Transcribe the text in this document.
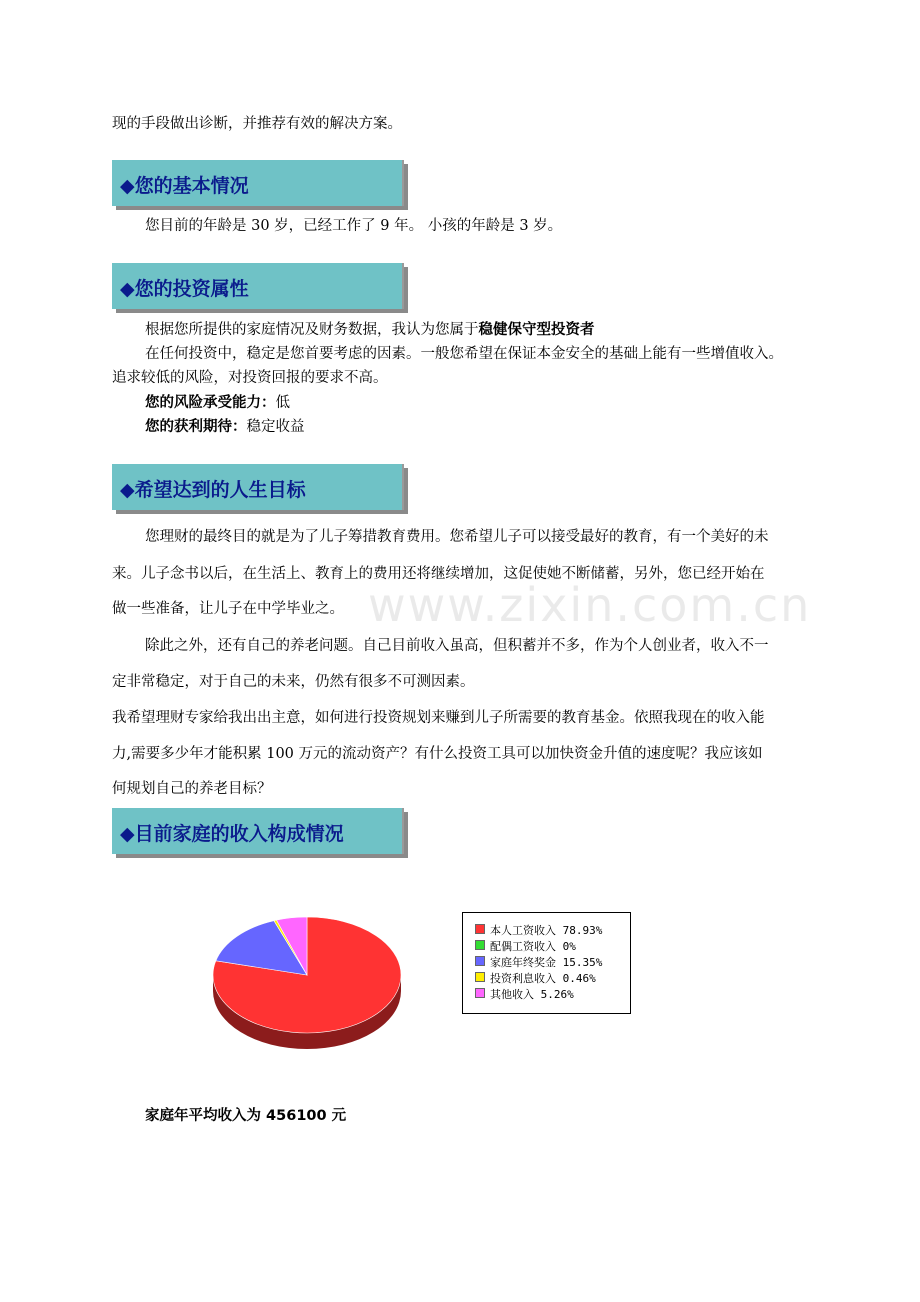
现的手段做出诊断，并推荐有效的解决方案。
◆您的基本情况
您目前的年龄是 30 岁，已经工作了 9 年。 小孩的年龄是 3 岁。
◆您的投资属性
根据您所提供的家庭情况及财务数据，我认为您属于稳健保守型投资者
在任何投资中，稳定是您首要考虑的因素。一般您希望在保证本金安全的基础上能有一些增值收入。
追求较低的风险，对投资回报的要求不高。
您的风险承受能力：低
您的获利期待：稳定收益
◆希望达到的人生目标
您理财的最终目的就是为了儿子筹措教育费用。您希望儿子可以接受最好的教育，有一个美好的未
来。儿子念书以后，在生活上、教育上的费用还将继续增加，这促使她不断储蓄，另外，您已经开始在
做一些准备，让儿子在中学毕业之。
除此之外，还有自己的养老问题。自己目前收入虽高，但积蓄并不多，作为个人创业者，收入不一
定非常稳定，对于自己的未来，仍然有很多不可测因素。
我希望理财专家给我出出主意，如何进行投资规划来赚到儿子所需要的教育基金。依照我现在的收入能
力,需要多少年才能积累 100 万元的流动资产？有什么投资工具可以加快资金升值的速度呢？我应该如
何规划自己的养老目标？
www.zixin.com.cn
◆目前家庭的收入构成情况
本人工资收入 78.93%
配偶工资收入 0%
家庭年终奖金 15.35%
投资利息收入 0.46%
其他收入 5.26%
家庭年平均收入为 456100 元
